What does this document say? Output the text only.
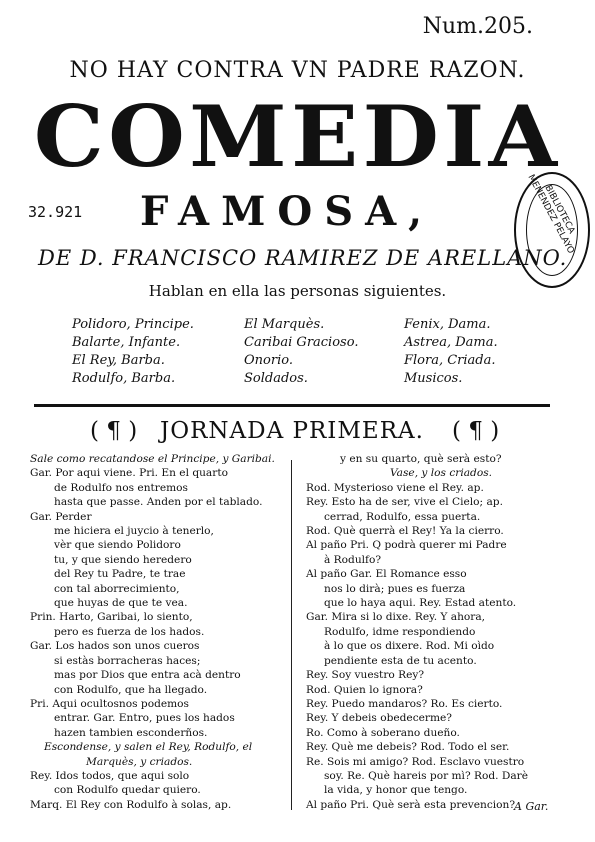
Num.205.
NO HAY CONTRA VN PADRE RAZON.
COMEDIA
32.921 FAMOSA,	BIBLIOTECA MENENDEZ PELAYO
DE D. FRANCISCO RAMIREZ DE ARELLANO.
Hablan en ella las personas siguientes.
Polidoro, Principe.
Balarte, Infante.
El Rey, Barba.
Rodulfo, Barba.
El Marquès.
Caribai Gracioso.
Onorio.
Soldados.
Fenix, Dama.
Astrea, Dama.
Flora, Criada.
Musicos.
( ¶ ) JORNADA PRIMERA.	( ¶ )
Sale como recatandose el Principe, y Garibai.
Gar. Por aqui viene. Pri. En el quarto
de Rodulfo nos entremos
hasta que passe. Anden por el tablado.
Gar. Perder
me hiciera el juycio à tenerlo,
vèr que siendo Polidoro
tu, y que siendo heredero
del Rey tu Padre, te trae
con tal aborrecimiento,
que huyas de que te vea.
Prin. Harto, Garibai, lo siento,
pero es fuerza de los hados.
Gar. Los hados son unos cueros
si estàs borracheras haces;
mas por Dios que entra acà dentro
con Rodulfo, que ha llegado.
Pri. Aqui ocultosnos podemos
entrar. Gar. Entro, pues los hados
hazen tambien esconderños.
Escondense, y salen el Rey, Rodulfo, el
Marquès, y criados.
Rey. Idos todos, que aqui solo
con Rodulfo quedar quiero.
Marq. El Rey con Rodulfo à solas, ap.
y en su quarto, què serà esto?
Vase, y los criados.
Rod. Mysterioso viene el Rey. ap.
Rey. Esto ha de ser, vive el Cielo; ap.
cerrad, Rodulfo, essa puerta.
Rod. Què querrà el Rey! Ya la cierro.
Al paño Pri. Q podrà querer mi Padre
à Rodulfo?
Al paño Gar. El Romance esso
nos lo dirà; pues es fuerza
que lo haya aqui. Rey. Estad atento.
Gar. Mira si lo dixe. Rey. Y ahora,
Rodulfo, idme respondiendo
à lo que os dixere. Rod. Mi oìdo
pendiente esta de tu acento.
Rey. Soy vuestro Rey?
Rod. Quien lo ignora?
Rey. Puedo mandaros? Ro. Es cierto.
Rey. Y debeis obedecerme?
Ro. Como à soberano dueño.
Rey. Què me debeis? Rod. Todo el ser.
Re. Sois mi amigo? Rod. Esclavo vuestro
soy. Re. Què hareis por mì? Rod. Darè
la vida, y honor que tengo.
Al paño Pri. Què serà esta prevencion?
A Gar.
